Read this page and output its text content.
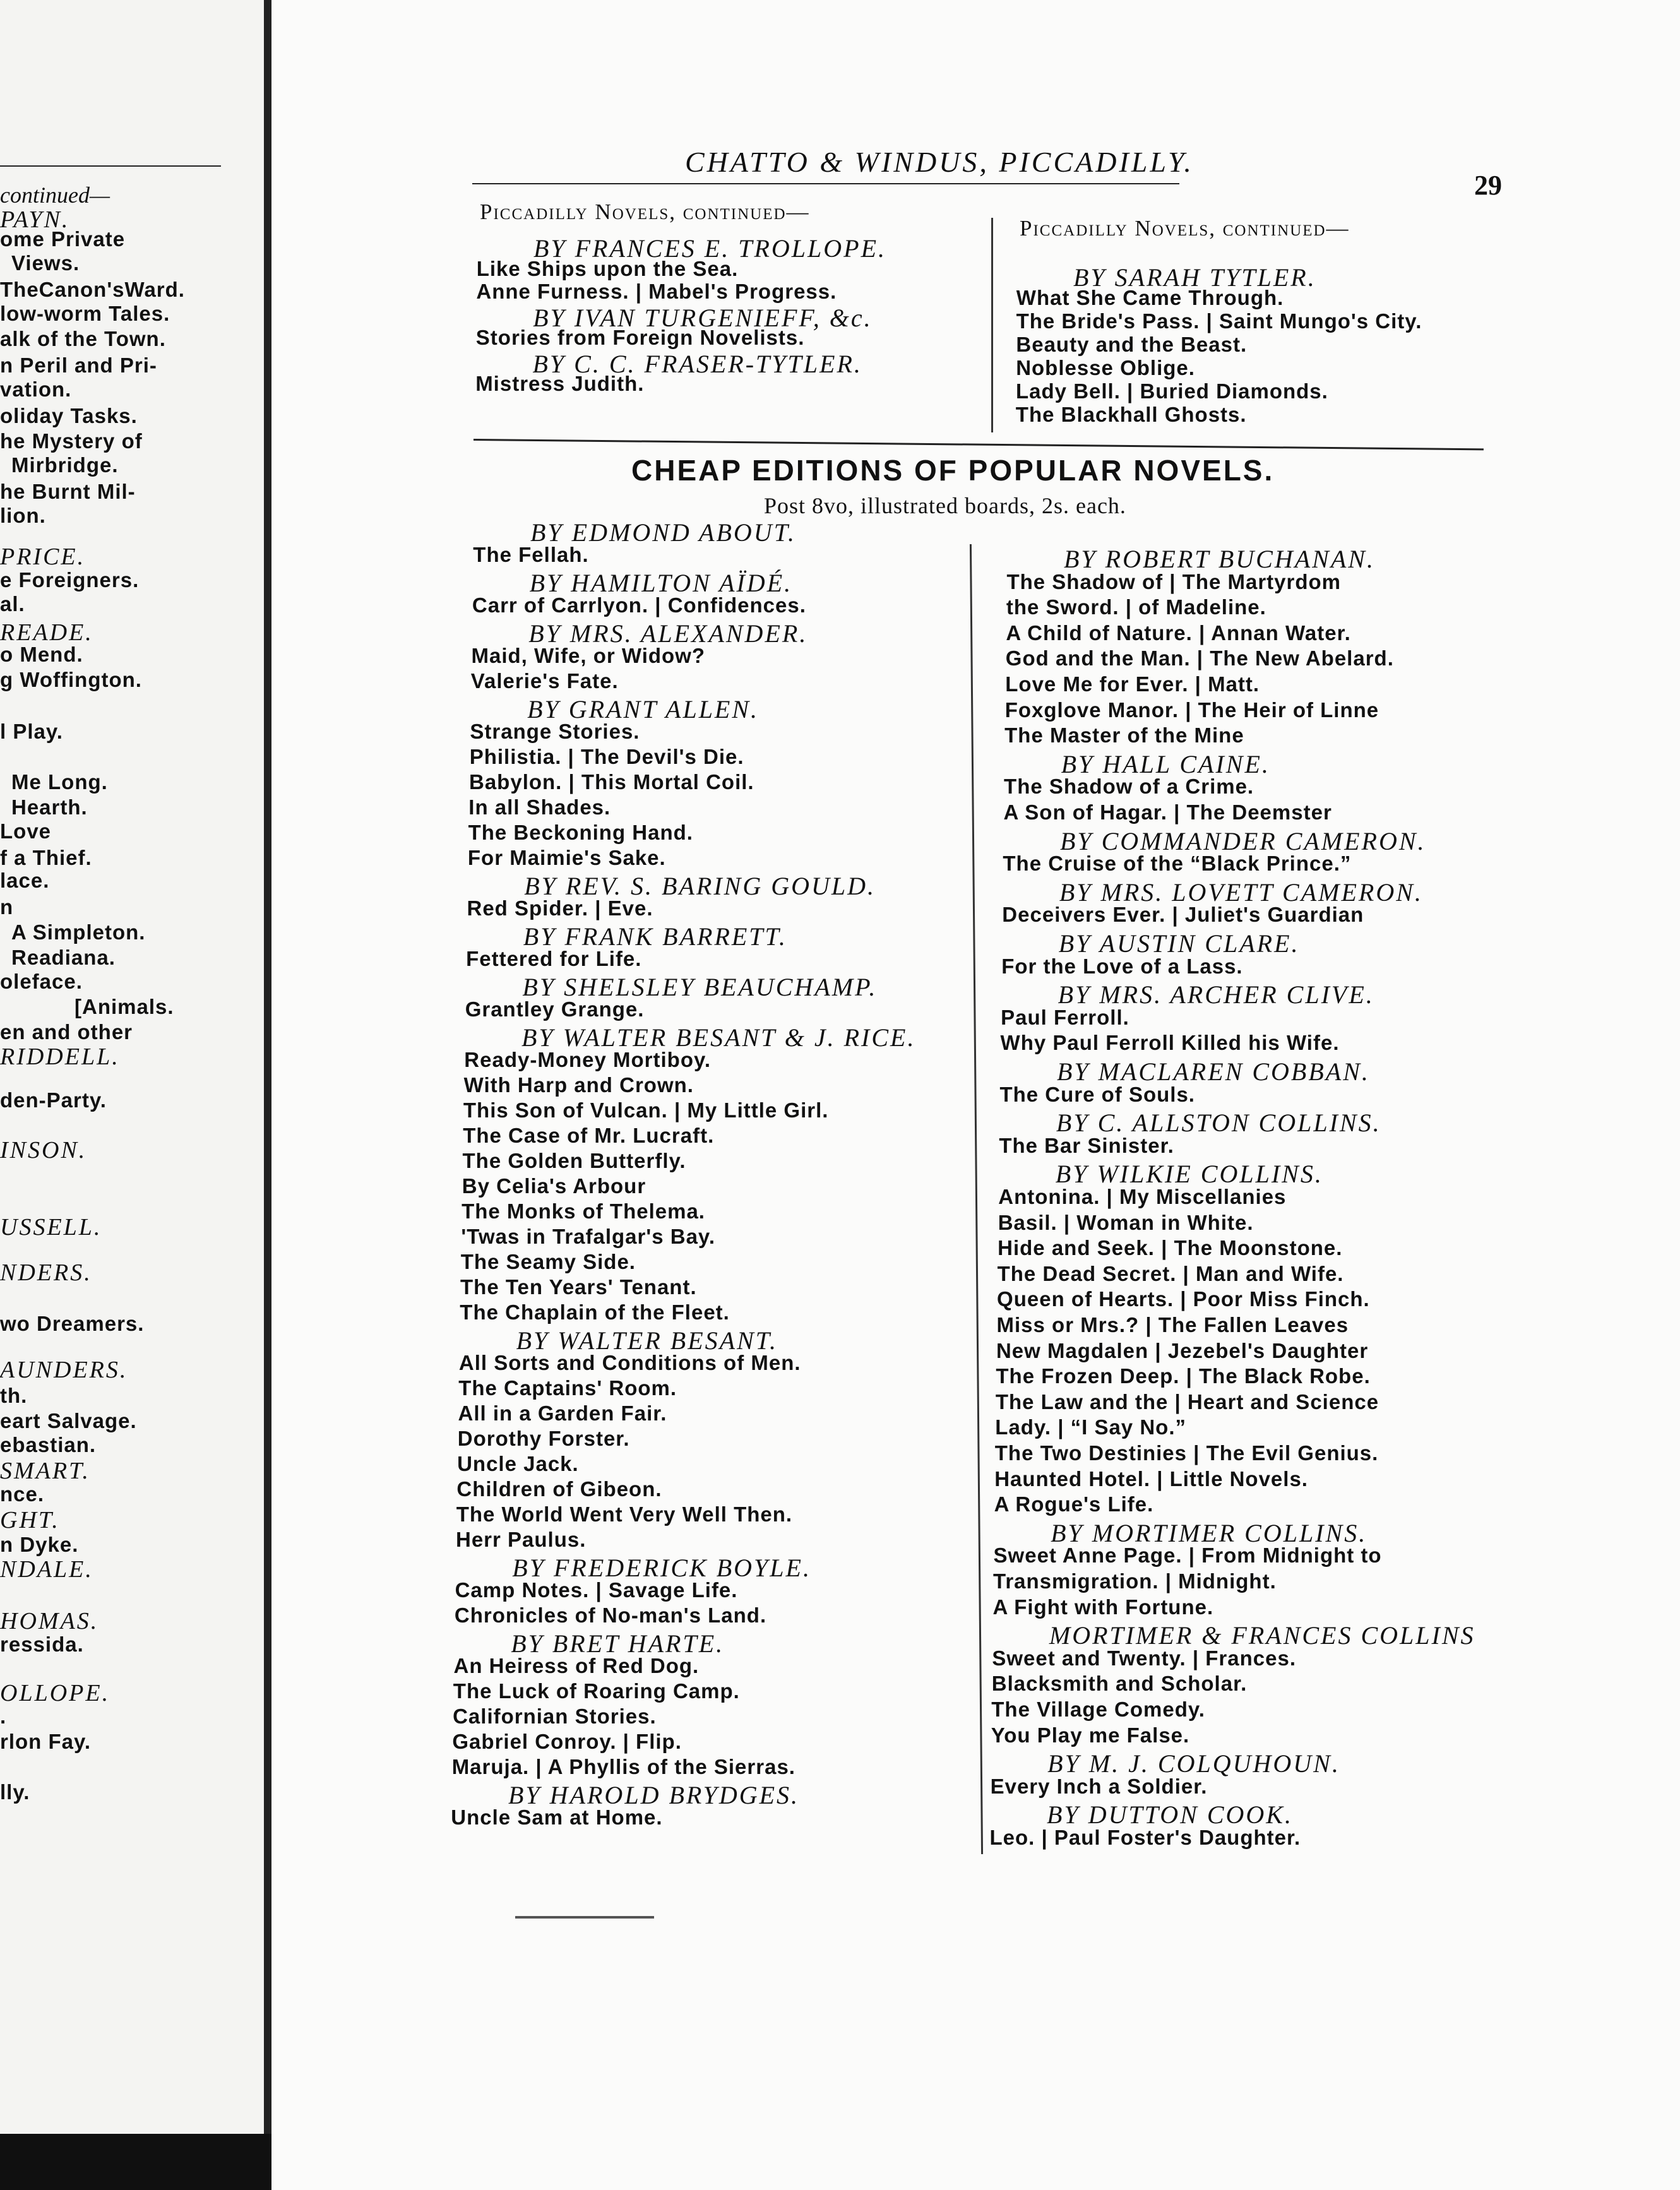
continued—
PAYN.
ome Private
Views.
TheCanon'sWard.
low-worm Tales.
alk of the Town.
n Peril and Pri-
vation.
oliday Tasks.
he Mystery of
Mirbridge.
he Burnt Mil-
lion.
PRICE.
e Foreigners.
al.
READE.
o Mend.
g Woffington.
l Play.
Me Long.
Hearth.
Love
f a Thief.
lace.
n
A Simpleton.
Readiana.
oleface.
[Animals.
en and other
RIDDELL.
den-Party.
INSON.
USSELL.
NDERS.
wo Dreamers.
AUNDERS.
th.
eart Salvage.
ebastian.
SMART.
nce.
GHT.
n Dyke.
NDALE.
HOMAS.
ressida.
OLLOPE.
.
rlon Fay.
lly.
CHATTO & WINDUS, PICCADILLY.
29
Piccadilly Novels, continued—
BY FRANCES E. TROLLOPE.
Like Ships upon the Sea.
Anne Furness. | Mabel's Progress.
BY IVAN TURGENIEFF, &c.
Stories from Foreign Novelists.
BY C. C. FRASER-TYTLER.
Mistress Judith.
Piccadilly Novels, continued—
BY SARAH TYTLER.
What She Came Through.
The Bride's Pass. | Saint Mungo's City.
Beauty and the Beast.
Noblesse Oblige.
Lady Bell. | Buried Diamonds.
The Blackhall Ghosts.
CHEAP EDITIONS OF POPULAR NOVELS.
Post 8vo, illustrated boards, 2s. each.
BY EDMOND ABOUT.
The Fellah.
BY HAMILTON AÏDÉ.
Carr of Carrlyon. | Confidences.
BY MRS. ALEXANDER.
Maid, Wife, or Widow?
Valerie's Fate.
BY GRANT ALLEN.
Strange Stories.
Philistia. | The Devil's Die.
Babylon. | This Mortal Coil.
In all Shades.
The Beckoning Hand.
For Maimie's Sake.
BY REV. S. BARING GOULD.
Red Spider. | Eve.
BY FRANK BARRETT.
Fettered for Life.
BY SHELSLEY BEAUCHAMP.
Grantley Grange.
BY WALTER BESANT & J. RICE.
Ready-Money Mortiboy.
With Harp and Crown.
This Son of Vulcan. | My Little Girl.
The Case of Mr. Lucraft.
The Golden Butterfly.
By Celia's Arbour
The Monks of Thelema.
'Twas in Trafalgar's Bay.
The Seamy Side.
The Ten Years' Tenant.
The Chaplain of the Fleet.
BY WALTER BESANT.
All Sorts and Conditions of Men.
The Captains' Room.
All in a Garden Fair.
Dorothy Forster.
Uncle Jack.
Children of Gibeon.
The World Went Very Well Then.
Herr Paulus.
BY FREDERICK BOYLE.
Camp Notes. | Savage Life.
Chronicles of No-man's Land.
BY BRET HARTE.
An Heiress of Red Dog.
The Luck of Roaring Camp.
Californian Stories.
Gabriel Conroy. | Flip.
Maruja. | A Phyllis of the Sierras.
BY HAROLD BRYDGES.
Uncle Sam at Home.
BY ROBERT BUCHANAN.
The Shadow of | The Martyrdom
the Sword. | of Madeline.
A Child of Nature. | Annan Water.
God and the Man. | The New Abelard.
Love Me for Ever. | Matt.
Foxglove Manor. | The Heir of Linne
The Master of the Mine
BY HALL CAINE.
The Shadow of a Crime.
A Son of Hagar. | The Deemster
BY COMMANDER CAMERON.
The Cruise of the “Black Prince.”
BY MRS. LOVETT CAMERON.
Deceivers Ever. | Juliet's Guardian
BY AUSTIN CLARE.
For the Love of a Lass.
BY MRS. ARCHER CLIVE.
Paul Ferroll.
Why Paul Ferroll Killed his Wife.
BY MACLAREN COBBAN.
The Cure of Souls.
BY C. ALLSTON COLLINS.
The Bar Sinister.
BY WILKIE COLLINS.
Antonina. | My Miscellanies
Basil. | Woman in White.
Hide and Seek. | The Moonstone.
The Dead Secret. | Man and Wife.
Queen of Hearts. | Poor Miss Finch.
Miss or Mrs.? | The Fallen Leaves
New Magdalen | Jezebel's Daughter
The Frozen Deep. | The Black Robe.
The Law and the | Heart and Science
Lady. | “I Say No.”
The Two Destinies | The Evil Genius.
Haunted Hotel. | Little Novels.
A Rogue's Life.
BY MORTIMER COLLINS.
Sweet Anne Page. | From Midnight to
Transmigration. | Midnight.
A Fight with Fortune.
MORTIMER & FRANCES COLLINS
Sweet and Twenty. | Frances.
Blacksmith and Scholar.
The Village Comedy.
You Play me False.
BY M. J. COLQUHOUN.
Every Inch a Soldier.
BY DUTTON COOK.
Leo. | Paul Foster's Daughter.
